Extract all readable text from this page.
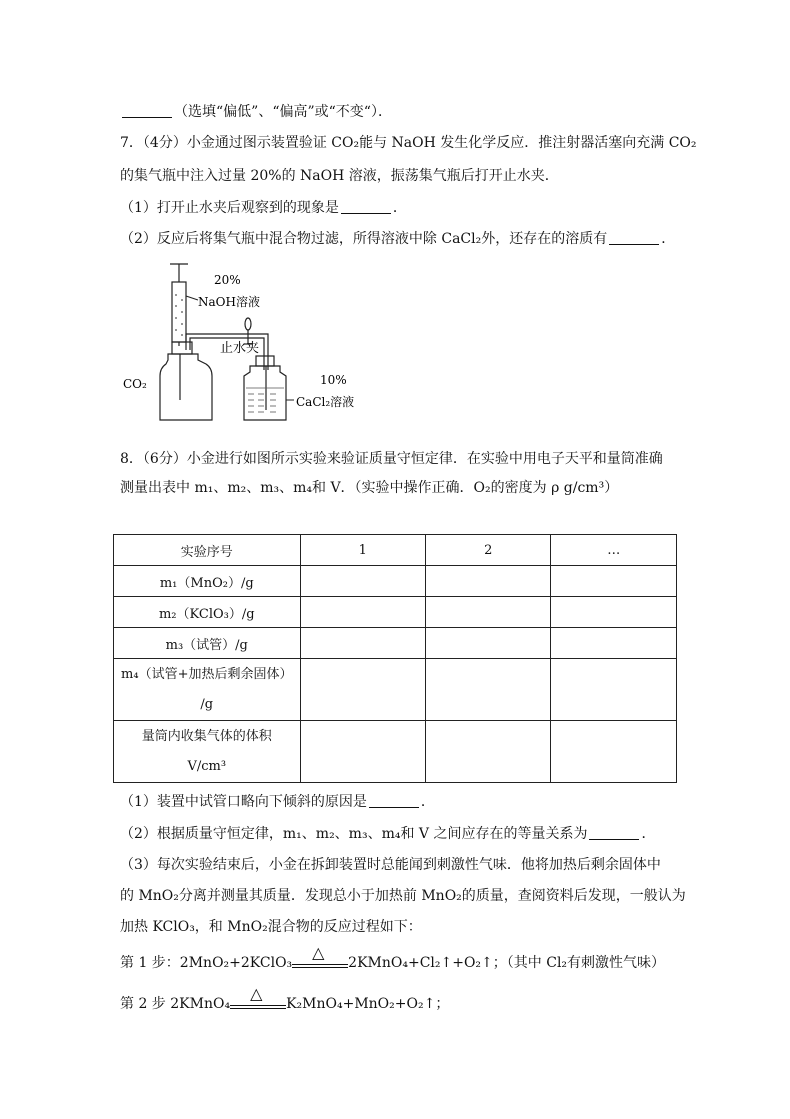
（选填“偏低”、“偏高”或“不变“）．
7．（4分）小金通过图示装置验证 CO₂能与 NaOH 发生化学反应．推注射器活塞向充满 CO₂
的集气瓶中注入过量 20%的 NaOH 溶液，振荡集气瓶后打开止水夹．
（1）打开止水夹后观察到的现象是	．
（2）反应后将集气瓶中混合物过滤，所得溶液中除 CaCl₂外，还存在的溶质有	．
20%
NaOH溶液
止水夹
CO₂	10%
CaCl₂溶液
8．（6分）小金进行如图所示实验来验证质量守恒定律．在实验中用电子天平和量筒准确
测量出表中 m₁、m₂、m₃、m₄和 V．（实验中操作正确．O₂的密度为 ρ g/cm³）
实验序号	1	2	…
m₁（MnO₂）/g			
m₂（KClO₃）/g			
m₃（试管）/g			

m₄（试管+加热后剩余固体）
/g			

量筒内收集气体的体积
V/cm³			

（1）装置中试管口略向下倾斜的原因是	．
（2）根据质量守恒定律，m₁、m₂、m₃、m₄和 V 之间应存在的等量关系为	．
（3）每次实验结束后，小金在拆卸装置时总能闻到刺激性气味．他将加热后剩余固体中
的 MnO₂分离并测量其质量．发现总小于加热前 MnO₂的质量，查阅资料后发现，一般认为
加热 KClO₃，和 MnO₂混合物的反应过程如下：
第 1 步：2MnO₂+2KClO₃
△
2KMnO₄+Cl₂↑+O₂↑；（其中 Cl₂有刺激性气味）
第 2 步 2KMnO₄
△
K₂MnO₄+MnO₂+O₂↑；
